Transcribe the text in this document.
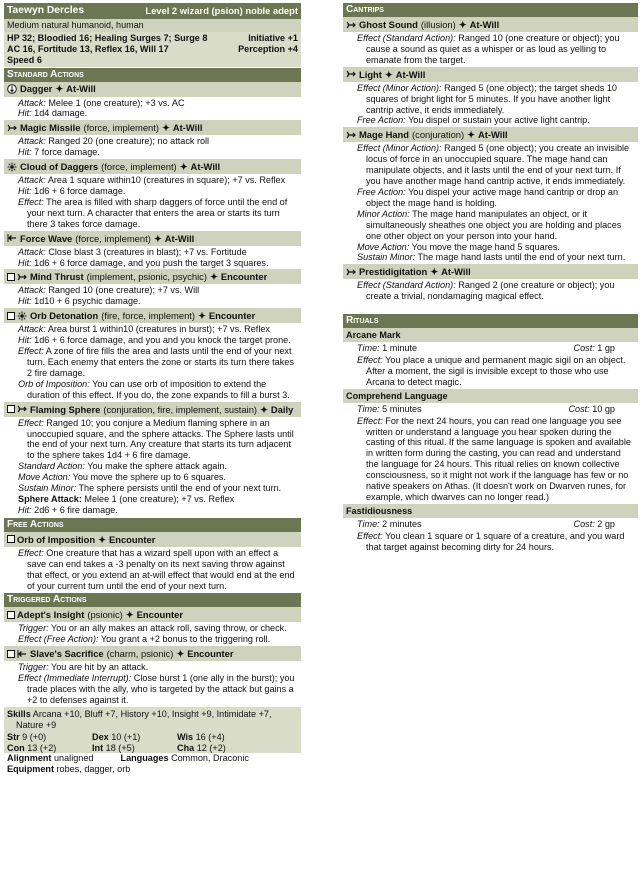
Taewyn Dercles	Level 2 wizard (psion) noble adept
Medium natural humanoid, human
HP 32; Bloodied 16; Healing Surges 7; Surge 8	Initiative +1
AC 16, Fortitude 13, Reflex 16, Will 17	Perception +4
Speed 6
Standard Actions
Dagger ✦ At-Will

Attack: Melee 1 (one creature); +3 vs. AC

Hit: 1d4 damage.

Magic Missile (force, implement) ✦ At-Will

Attack: Ranged 20 (one creature); no attack roll

Hit: 7 force damage.

Cloud of Daggers (force, implement) ✦ At-Will

Attack: Area 1 square within10 (creatures in square); +7 vs. Reflex

Hit: 1d6 + 6 force damage.

Effect: The area is filled with sharp daggers of force until the end of your next turn. A character that enters the area or starts its turn there 3 takes force damage.

Force Wave (force, implement) ✦ At-Will

Attack: Close blast 3 (creatures in blast); +7 vs. Fortitude

Hit: 1d6 + 6 force damage, and you push the target 3 squares.

Mind Thrust (implement, psionic, psychic) ✦ Encounter

Attack: Ranged 10 (one creature); +7 vs. Will

Hit: 1d10 + 6 psychic damage.

Orb Detonation (fire, force, implement) ✦ Encounter

Attack: Area burst 1 within10 (creatures in burst); +7 vs. Reflex

Hit: 1d6 + 6 force damage, and you and you knock the target prone.

Effect: A zone of fire fills the area and lasts until the end of your next turn. Each enemy that enters the zone or starts its turn there takes 2 fire damage.

Orb of Imposition: You can use orb of imposition to extend the duration of this effect. If you do, the zone expands to fill a burst 3.

Flaming Sphere (conjuration, fire, implement, sustain) ✦ Daily

Effect: Ranged 10; you conjure a Medium flaming sphere in an unoccupied square, and the sphere attacks. The Sphere lasts until the end of your next turn. Any creature that starts its turn adjacent to the sphere takes 1d4 + 6 fire damage.

Standard Action: You make the sphere attack again.

Move Action: You move the sphere up to 6 squares.

Sustain Minor: The sphere persists until the end of your next turn.

Sphere Attack: Melee 1 (one creature); +7 vs. Reflex

Hit: 2d6 + 6 fire damage.

Free Actions
Orb of Imposition ✦ Encounter

Effect: One creature that has a wizard spell upon with an effect a save can end takes a -3 penalty on its next saving throw against that effect, or you extend an at-will effect that would end at the end of your current turn until the end of your next turn.

Triggered Actions
Adept's Insight (psionic) ✦ Encounter

Trigger: You or an ally makes an attack roll, saving throw, or check.

Effect (Free Action): You grant a +2 bonus to the triggering roll.

Slave's Sacrifice (charm, psionic) ✦ Encounter

Trigger: You are hit by an attack.

Effect (Immediate Interrupt): Close burst 1 (one ally in the burst); you trade places with the ally, who is targeted by the attack but gains a +2 to defenses against it.

Skills Arcana +10, Bluff +7, History +10, Insight +9, Intimidate +7, Nature +9
Str 9 (+0)	Dex 10 (+1)	Wis 16 (+4)
Con 13 (+2)	Int 18 (+5)	Cha 12 (+2)
Alignment unaligned	Languages Common, Draconic
Equipment robes, dagger, orb
Cantrips
Ghost Sound (illusion) ✦ At-Will

Effect (Standard Action): Ranged 10 (one creature or object); you cause a sound as quiet as a whisper or as loud as yelling to emanate from the target.

Light ✦ At-Will

Effect (Minor Action): Ranged 5 (one object); the target sheds 10 squares of bright light for 5 minutes. If you have another light cantrip active, it ends immediately.

Free Action: You dispel or sustain your active light cantrip.

Mage Hand (conjuration) ✦ At-Will

Effect (Minor Action): Ranged 5 (one object); you create an invisible locus of force in an unoccupied square. The mage hand can manipulate objects, and it lasts until the end of your next turn. If you have another mage hand cantrip active, it ends immediately.

Free Action: You dispel your active mage hand cantrip or drop an object the mage hand is holding.

Minor Action: The mage hand manipulates an object, or it simultaneously sheathes one object you are holding and places one other object on your person into your hand.

Move Action: You move the mage hand 5 squares.

Sustain Minor: The mage hand lasts until the end of your next turn.

Prestidigitation ✦ At-Will

Effect (Standard Action): Ranged 2 (one creature or object); you create a trivial, nondamaging magical effect.

Rituals
Arcane Mark
Time: 1 minute	Cost: 1 gp

Effect: You place a unique and permanent magic sigil on an object. After a moment, the sigil is invisible except to those who use Arcana to detect magic.

Comprehend Language
Time: 5 minutes	Cost: 10 gp

Effect: For the next 24 hours, you can read one language you see written or understand a language you hear spoken during the casting of this ritual. If the same language is spoken and available in written form during the casting, you can read and understand the language for 24 hours. This ritual relies on known collective consciousness, so it might not work if the language has few or no native speakers on Athas. (It doesn't work on Dwarven runes, for example, which dwarves can no longer read.)

Fastidiousness
Time: 2 minutes	Cost: 2 gp

Effect: You clean 1 square or 1 square of a creature, and you ward that target against becoming dirty for 24 hours.
